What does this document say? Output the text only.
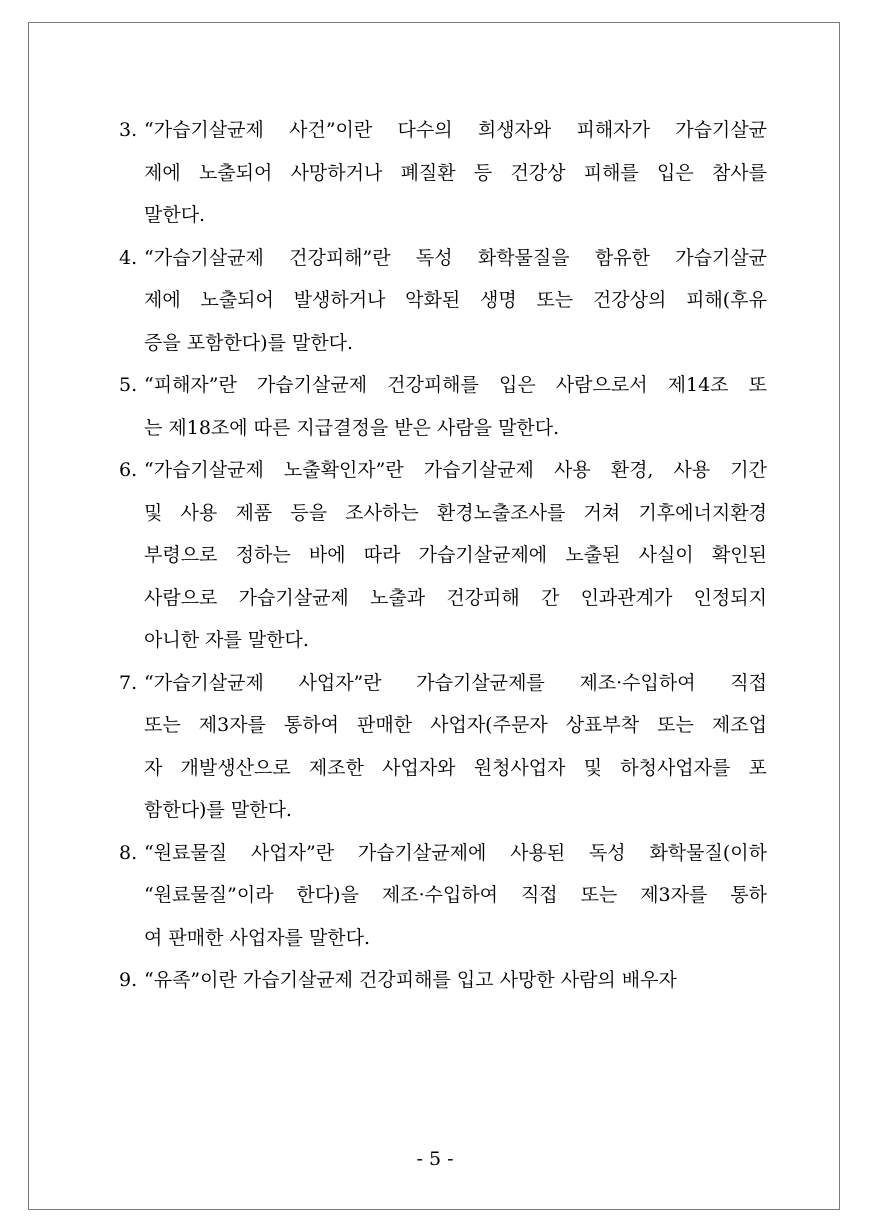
3. “가습기살균제 사건”이란 다수의 희생자와 피해자가 가습기살균
제에 노출되어 사망하거나 폐질환 등 건강상 피해를 입은 참사를
말한다.
4. “가습기살균제 건강피해”란 독성 화학물질을 함유한 가습기살균
제에 노출되어 발생하거나 악화된 생명 또는 건강상의 피해(후유
증을 포함한다)를 말한다.
5. “피해자”란 가습기살균제 건강피해를 입은 사람으로서 제14조 또
는 제18조에 따른 지급결정을 받은 사람을 말한다.
6. “가습기살균제 노출확인자”란 가습기살균제 사용 환경, 사용 기간
및 사용 제품 등을 조사하는 환경노출조사를 거쳐 기후에너지환경
부령으로 정하는 바에 따라 가습기살균제에 노출된 사실이 확인된
사람으로 가습기살균제 노출과 건강피해 간 인과관계가 인정되지
아니한 자를 말한다.
7. “가습기살균제 사업자”란 가습기살균제를 제조·수입하여 직접
또는 제3자를 통하여 판매한 사업자(주문자 상표부착 또는 제조업
자 개발생산으로 제조한 사업자와 원청사업자 및 하청사업자를 포
함한다)를 말한다.
8. “원료물질 사업자”란 가습기살균제에 사용된 독성 화학물질(이하
“원료물질”이라 한다)을 제조·수입하여 직접 또는 제3자를 통하
여 판매한 사업자를 말한다.
9. “유족”이란 가습기살균제 건강피해를 입고 사망한 사람의 배우자
- 5 -
